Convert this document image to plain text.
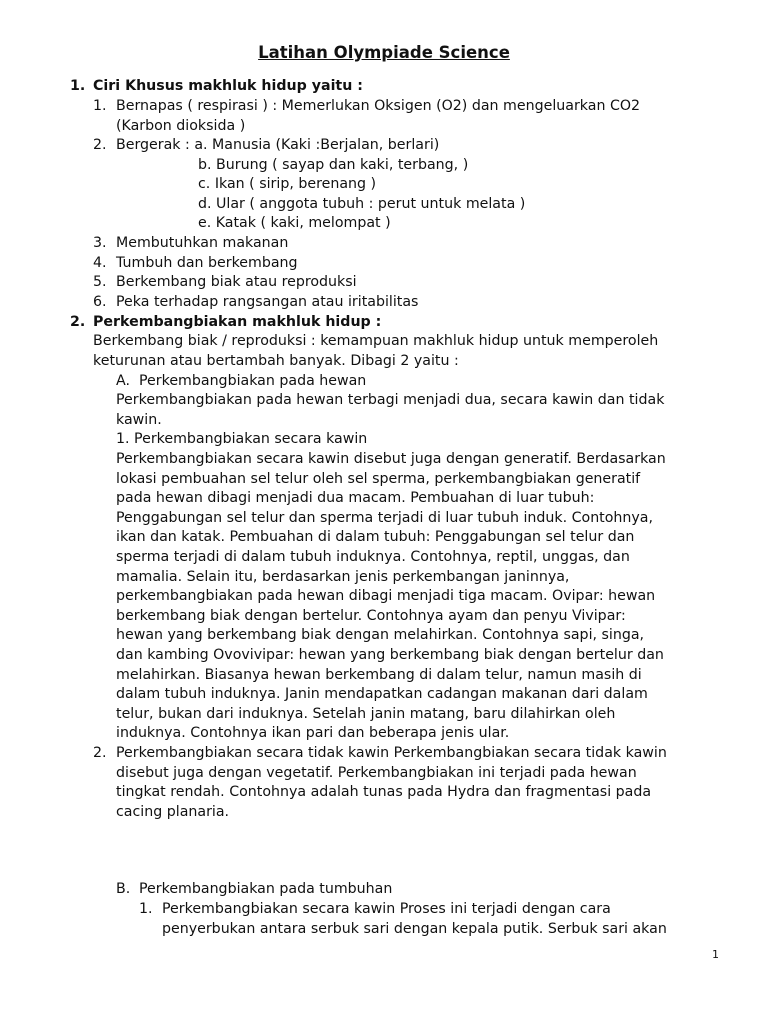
Latihan Olympiade Science
1. Ciri Khusus makhluk hidup yaitu :
1. Bernapas ( respirasi ) : Memerlukan Oksigen (O2) dan mengeluarkan CO2
(Karbon dioksida )
2. Bergerak : a. Manusia (Kaki :Berjalan, berlari)
b. Burung ( sayap dan kaki, terbang, )
c. Ikan ( sirip, berenang )
d. Ular ( anggota tubuh : perut untuk melata )
e. Katak ( kaki, melompat )
3. Membutuhkan makanan
4. Tumbuh dan berkembang
5. Berkembang biak atau reproduksi
6. Peka terhadap rangsangan atau iritabilitas
2. Perkembangbiakan makhluk hidup :
Berkembang biak / reproduksi : kemampuan makhluk hidup untuk memperoleh
keturunan atau bertambah banyak. Dibagi 2 yaitu :
A. Perkembangbiakan pada hewan
Perkembangbiakan pada hewan terbagi menjadi dua, secara kawin dan tidak
kawin.
1. Perkembangbiakan secara kawin
Perkembangbiakan secara kawin disebut juga dengan generatif. Berdasarkan
lokasi pembuahan sel telur oleh sel sperma, perkembangbiakan generatif
pada hewan dibagi menjadi dua macam. Pembuahan di luar tubuh:
Penggabungan sel telur dan sperma terjadi di luar tubuh induk. Contohnya,
ikan dan katak. Pembuahan di dalam tubuh: Penggabungan sel telur dan
sperma terjadi di dalam tubuh induknya. Contohnya, reptil, unggas, dan
mamalia. Selain itu, berdasarkan jenis perkembangan janinnya,
perkembangbiakan pada hewan dibagi menjadi tiga macam. Ovipar: hewan
berkembang biak dengan bertelur. Contohnya ayam dan penyu Vivipar:
hewan yang berkembang biak dengan melahirkan. Contohnya sapi, singa,
dan kambing Ovovivipar: hewan yang berkembang biak dengan bertelur dan
melahirkan. Biasanya hewan berkembang di dalam telur, namun masih di
dalam tubuh induknya. Janin mendapatkan cadangan makanan dari dalam
telur, bukan dari induknya. Setelah janin matang, baru dilahirkan oleh
induknya. Contohnya ikan pari dan beberapa jenis ular.
2. Perkembangbiakan secara tidak kawin Perkembangbiakan secara tidak kawin
disebut juga dengan vegetatif. Perkembangbiakan ini terjadi pada hewan
tingkat rendah. Contohnya adalah tunas pada Hydra dan fragmentasi pada
cacing planaria.
B. Perkembangbiakan pada tumbuhan
1. Perkembangbiakan secara kawin Proses ini terjadi dengan cara
penyerbukan antara serbuk sari dengan kepala putik. Serbuk sari akan
1
